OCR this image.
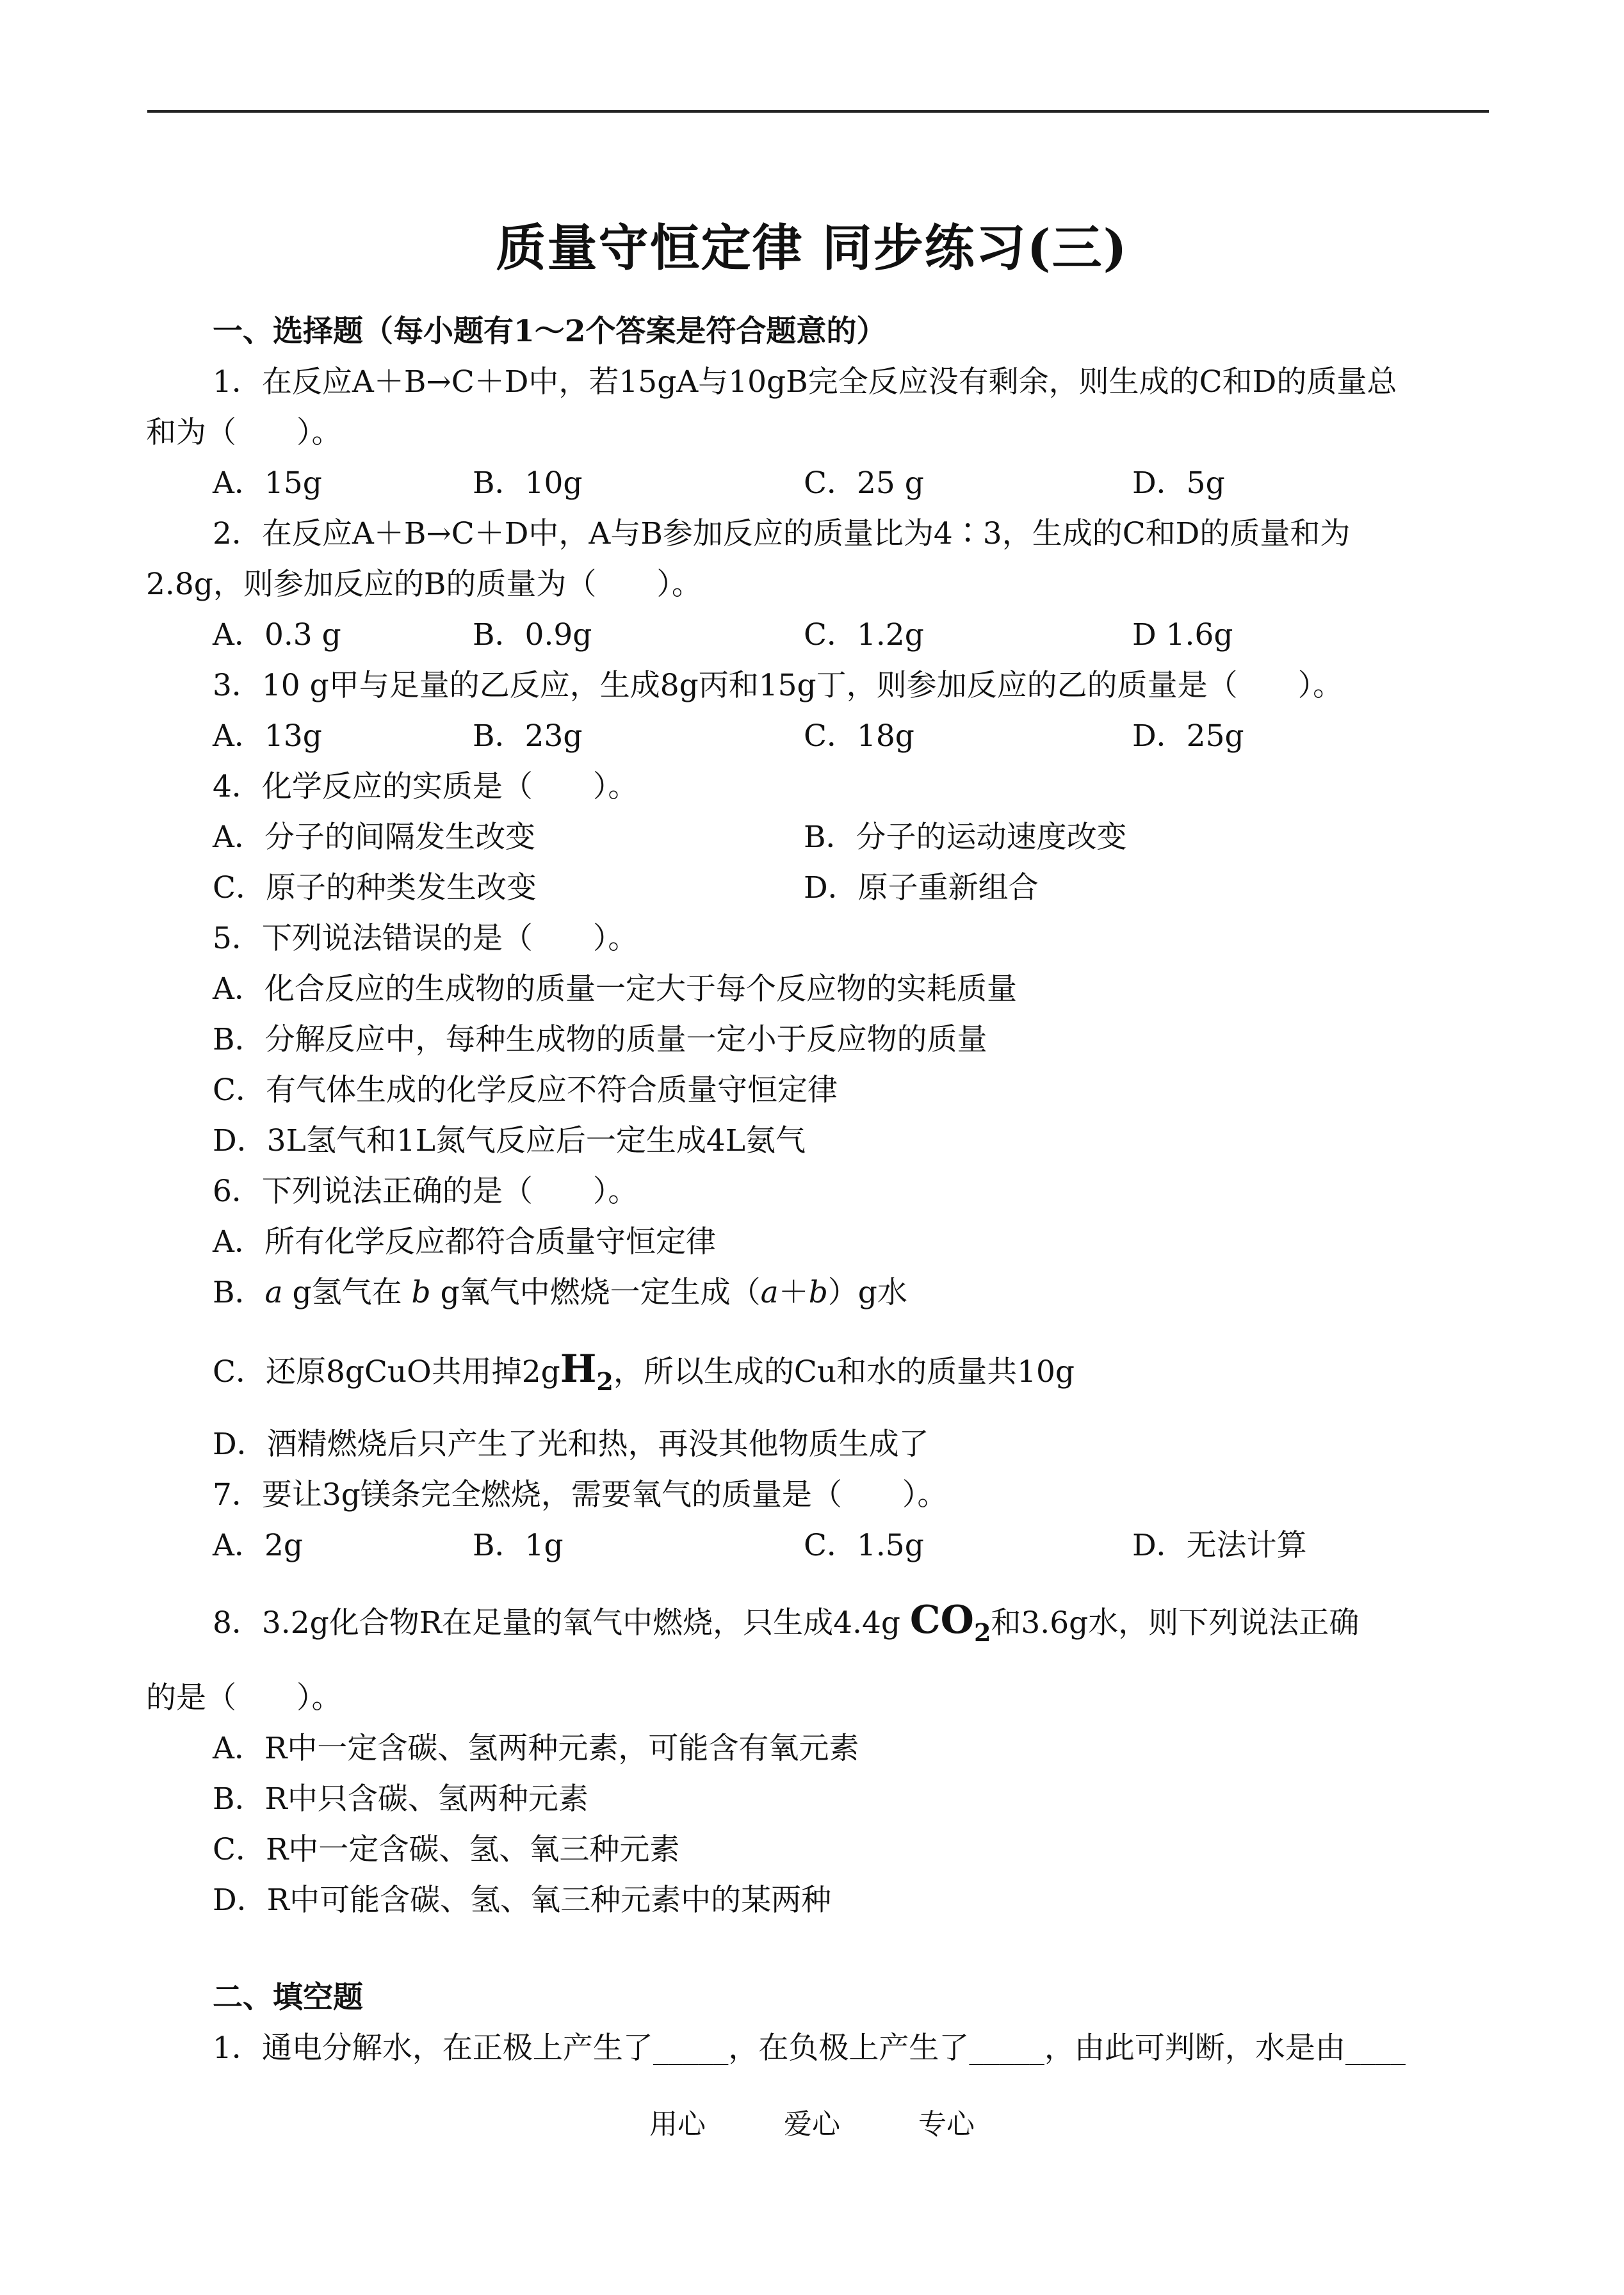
质量守恒定律 同步练习(三)
一、选择题（每小题有1～2个答案是符合题意的）
1．在反应A＋B→C＋D中，若15gA与10gB完全反应没有剩余，则生成的C和D的质量总
和为（　　）。
A．15g	B．10g	C．25 g	D．5g
2．在反应A＋B→C＋D中，A与B参加反应的质量比为4∶3，生成的C和D的质量和为
2.8g，则参加反应的B的质量为（　　）。
A．0.3 g	B．0.9g	C．1.2g	D 1.6g
3．10 g甲与足量的乙反应，生成8g丙和15g丁，则参加反应的乙的质量是（　　）。
A．13g	B．23g	C．18g	D．25g
4．化学反应的实质是（　　）。
A．分子的间隔发生改变	B．分子的运动速度改变
C．原子的种类发生改变	D．原子重新组合
5．下列说法错误的是（　　）。
A．化合反应的生成物的质量一定大于每个反应物的实耗质量
B．分解反应中，每种生成物的质量一定小于反应物的质量
C．有气体生成的化学反应不符合质量守恒定律
D．3L氢气和1L氮气反应后一定生成4L氨气
6．下列说法正确的是（　　）。
A．所有化学反应都符合质量守恒定律
B．a g氢气在 b g氧气中燃烧一定生成（a＋b）g水
C．还原8gCuO共用掉$2gH_2$，所以生成的Cu和水的质量共10g
D．酒精燃烧后只产生了光和热，再没其他物质生成了
7．要让3g镁条完全燃烧，需要氧气的质量是（　　）。
A．2g	B．1g	C．1.5g	D．无法计算
8．3.2g化合物R在足量的氧气中燃烧，只生成4.4g $CO_2$和3.6g水，则下列说法正确
的是（　　）。
A．R中一定含碳、氢两种元素，可能含有氧元素
B．R中只含碳、氢两种元素
C．R中一定含碳、氢、氧三种元素
D．R中可能含碳、氢、氧三种元素中的某两种
二、填空题
1．通电分解水，在正极上产生了_____，在负极上产生了_____，由此可判断，水是由____
用心	爱心	专心
